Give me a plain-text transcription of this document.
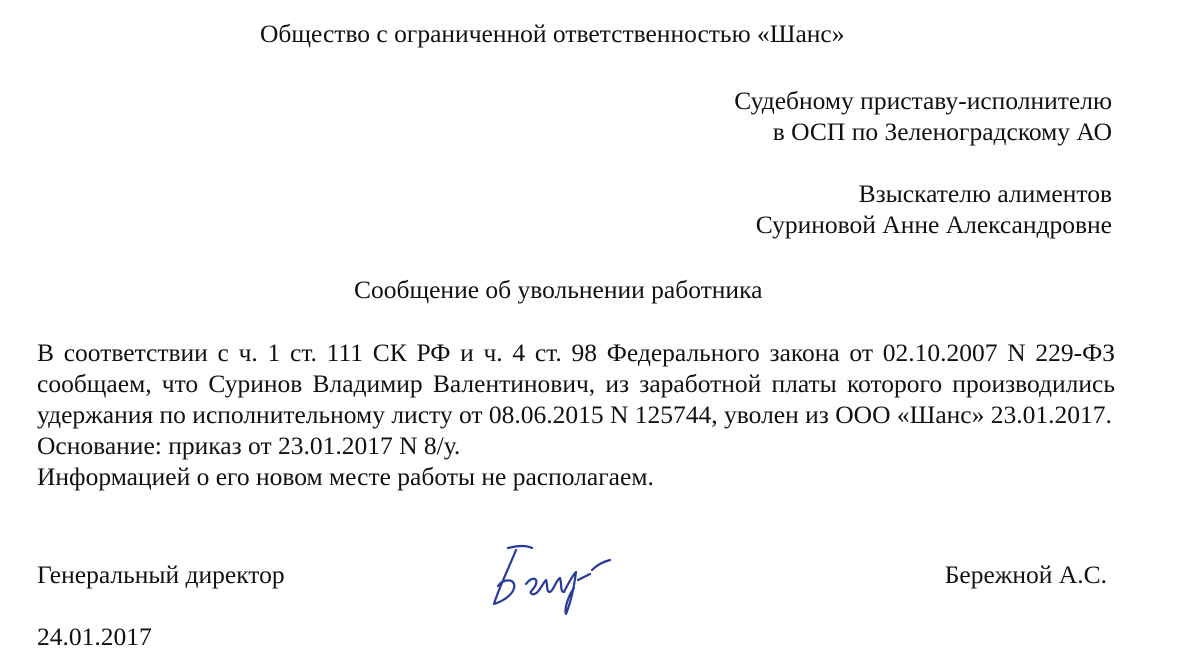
Общество с ограниченной ответственностью «Шанс»
Судебному приставу-исполнителю
в ОСП по Зеленоградскому АО
Взыскателю алиментов
Суриновой Анне Александровне
Сообщение об увольнении работника

В соответствии с ч. 1 ст. 111 СК РФ и ч. 4 ст. 98 Федерального закона от 02.10.2007 N 229-ФЗ сообщаем, что Суринов Владимир Валентинович, из заработной платы которого производились удержания по исполнительному листу от 08.06.2015 N 125744, уволен из ООО «Шанс» 23.01.2017.

Основание: приказ от 23.01.2017 N 8/у.

Информацией о его новом месте работы не располагаем.

Генеральный директор	Бережной А.С.
24.01.2017
